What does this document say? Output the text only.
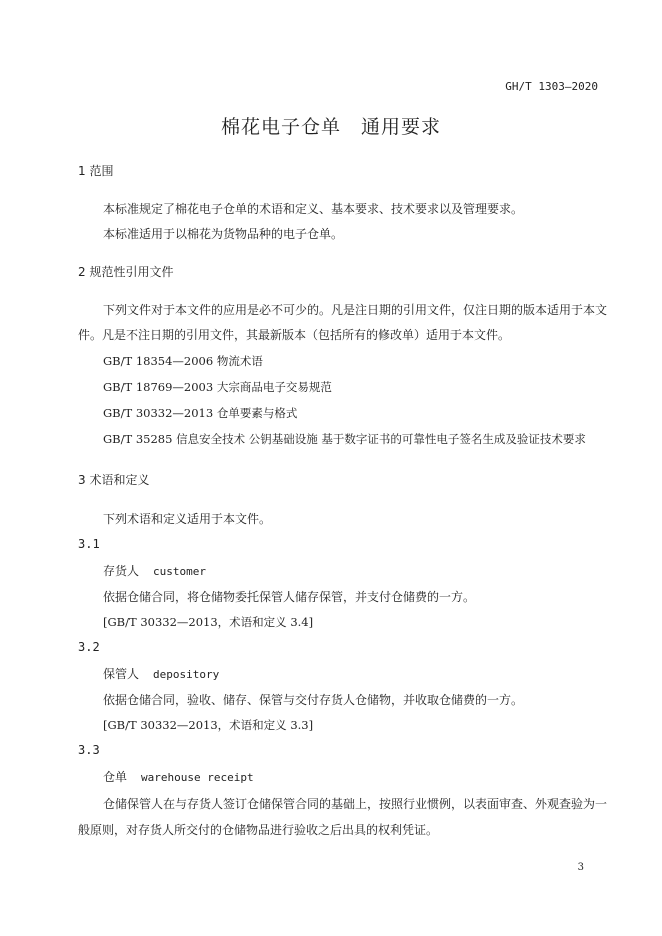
GH/T 1303—2020
棉花电子仓单　通用要求
1 范围
本标准规定了棉花电子仓单的术语和定义、基本要求、技术要求以及管理要求。
本标准适用于以棉花为货物品种的电子仓单。
2 规范性引用文件
下列文件对于本文件的应用是必不可少的。凡是注日期的引用文件，仅注日期的版本适用于本文
件。凡是不注日期的引用文件，其最新版本（包括所有的修改单）适用于本文件。
GB/T 18354—2006 物流术语
GB/T 18769—2003 大宗商品电子交易规范
GB/T 30332—2013 仓单要素与格式
GB/T 35285 信息安全技术 公钥基础设施 基于数字证书的可靠性电子签名生成及验证技术要求
3 术语和定义
下列术语和定义适用于本文件。
3.1
存货人 customer
依据仓储合同，将仓储物委托保管人储存保管，并支付仓储费的一方。
[GB/T 30332—2013，术语和定义 3.4]
3.2
保管人 depository
依据仓储合同，验收、储存、保管与交付存货人仓储物，并收取仓储费的一方。
[GB/T 30332—2013，术语和定义 3.3]
3.3
仓单 warehouse receipt
仓储保管人在与存货人签订仓储保管合同的基础上，按照行业惯例，以表面审查、外观查验为一
般原则，对存货人所交付的仓储物品进行验收之后出具的权利凭证。
3
